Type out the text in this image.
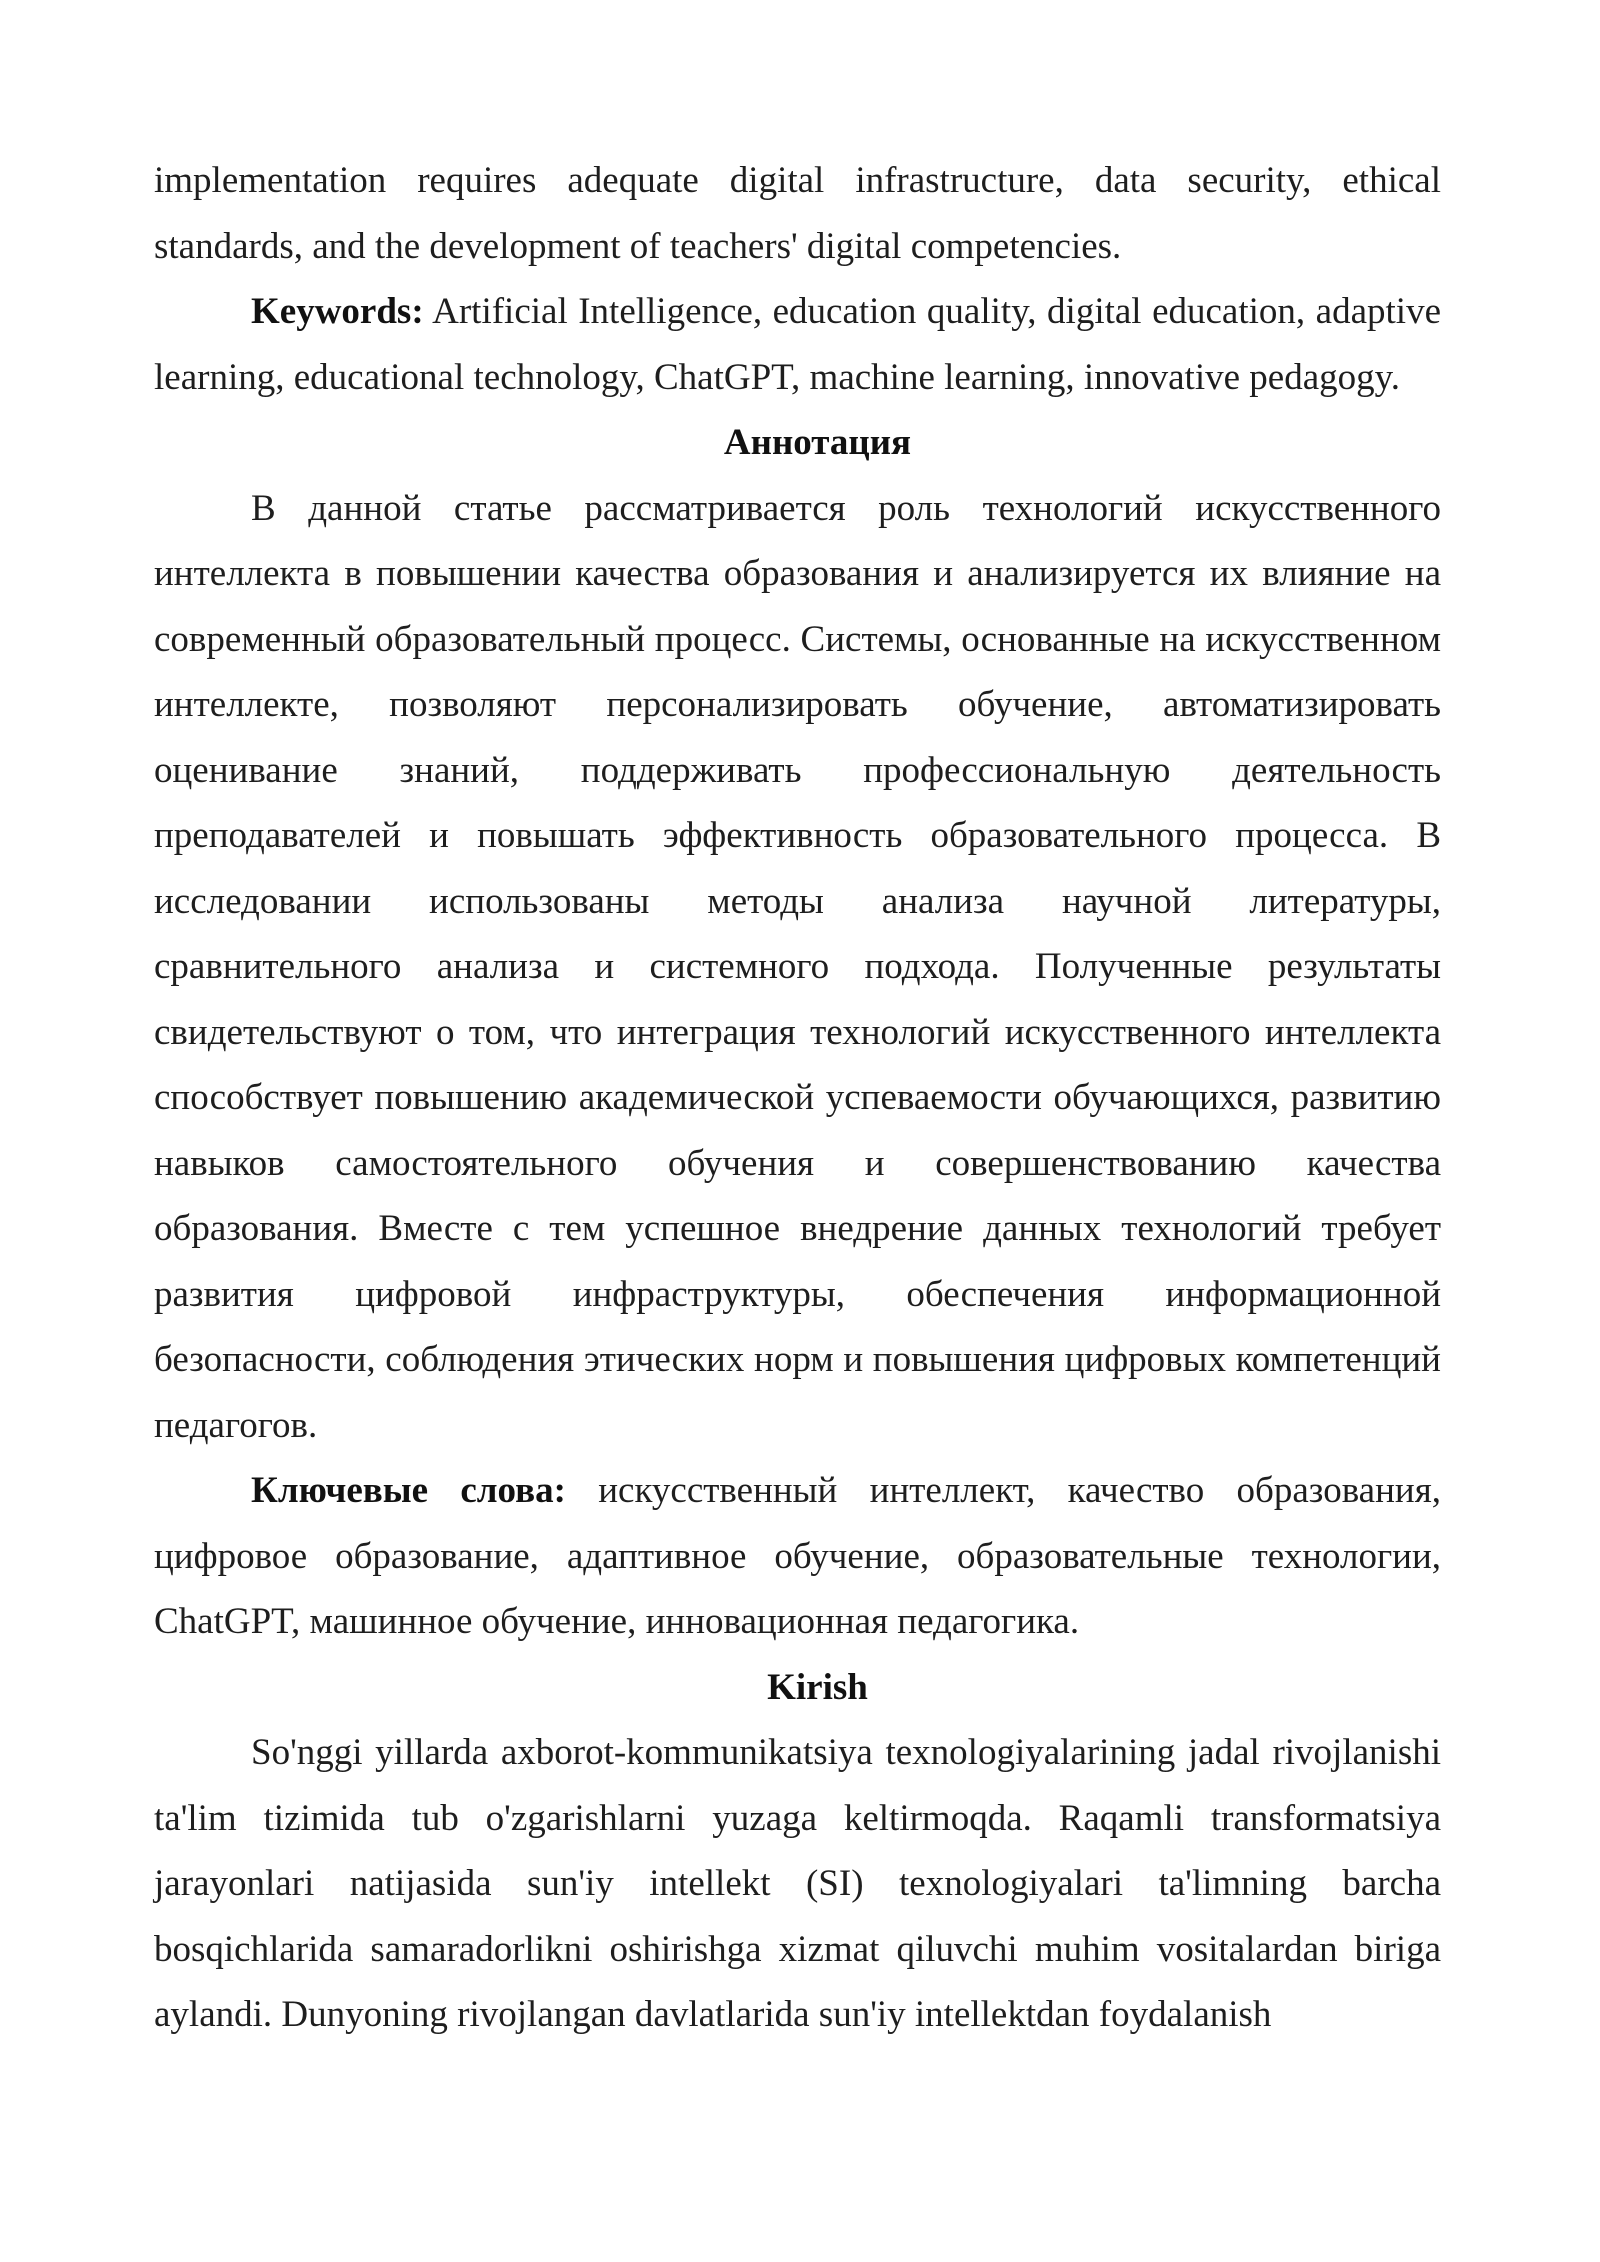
implementation requires adequate digital infrastructure, data security, ethical standards, and the development of teachers' digital competencies.

Keywords: Artificial Intelligence, education quality, digital education, adaptive learning, educational technology, ChatGPT, machine learning, innovative pedagogy.

Аннотация

В данной статье рассматривается роль технологий искусственного интеллекта в повышении качества образования и анализируется их влияние на современный образовательный процесс. Системы, основанные на искусственном интеллекте, позволяют персонализировать обучение, автоматизировать оценивание знаний, поддерживать профессиональную деятельность преподавателей и повышать эффективность образовательного процесса. В исследовании использованы методы анализа научной литературы, сравнительного анализа и системного подхода. Полученные результаты свидетельствуют о том, что интеграция технологий искусственного интеллекта способствует повышению академической успеваемости обучающихся, развитию навыков самостоятельного обучения и совершенствованию качества образования. Вместе с тем успешное внедрение данных технологий требует развития цифровой инфраструктуры, обеспечения информационной безопасности, соблюдения этических норм и повышения цифровых компетенций педагогов.

Ключевые слова: искусственный интеллект, качество образования, цифровое образование, адаптивное обучение, образовательные технологии, ChatGPT, машинное обучение, инновационная педагогика.

Kirish

So'nggi yillarda axborot-kommunikatsiya texnologiyalarining jadal rivojlanishi ta'lim tizimida tub o'zgarishlarni yuzaga keltirmoqda. Raqamli transformatsiya jarayonlari natijasida sun'iy intellekt (SI) texnologiyalari ta'limning barcha bosqichlarida samaradorlikni oshirishga xizmat qiluvchi muhim vositalardan biriga aylandi. Dunyoning rivojlangan davlatlarida sun'iy intellektdan foydalanish
